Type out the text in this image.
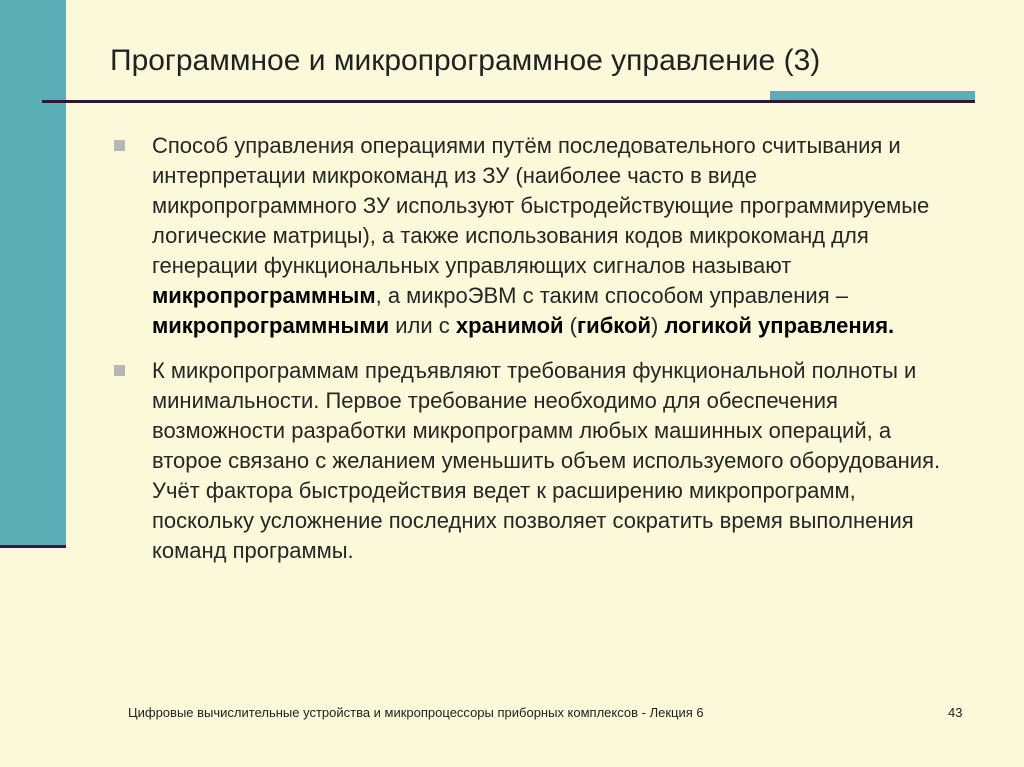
Программное и микропрограммное управление (3)
Способ управления операциями путём последовательного считывания и интерпретации микрокоманд из ЗУ (наиболее часто в виде микропрограммного ЗУ используют быстродействующие программируемые логические матрицы), а также использования кодов микрокоманд для генерации функциональных управляющих сигналов называют микропрограммным, а микроЭВМ с таким способом управления – микропрограммными или с хранимой (гибкой) логикой управления.
К микропрограммам предъявляют требования функциональной полноты и минимальности. Первое требование необходимо для обеспечения возможности разработки микропрограмм любых машинных операций, а второе связано с желанием уменьшить объем используемого оборудования. Учёт фактора быстродействия ведет к расширению микропрограмм, поскольку усложнение последних позволяет сократить время выполнения команд программы.
Цифровые вычислительные устройства и микропроцессоры приборных комплексов - Лекция 6	43
